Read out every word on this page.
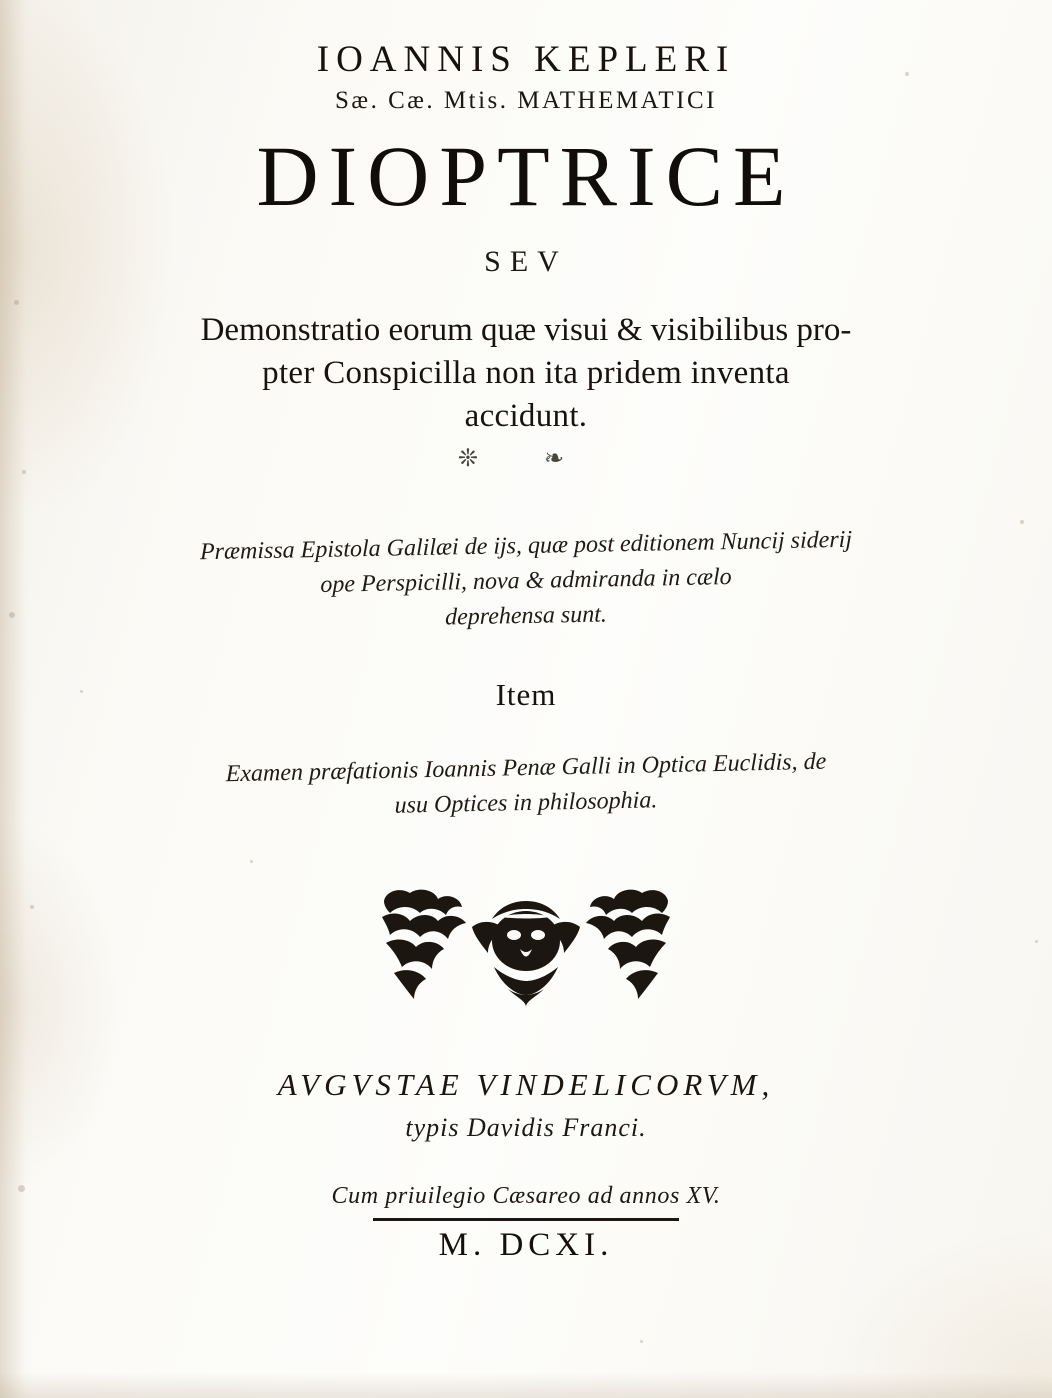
IOANNIS KEPLERI
Sæ. Cæ. Mtis. MATHEMATICI
DIOPTRICE
SEV
Demonstratio eorum quæ visui & visibilibus pro-
pter Conspicilla non ita pridem inventa
accidunt.
❊ ❧
Præmissa Epistola Galilæi de ijs, quæ post editionem Nuncij siderij
ope Perspicilli, nova & admiranda in cælo
deprehensa sunt.
Item
Examen præfationis Ioannis Penæ Galli in Optica Euclidis, de
usu Optices in philosophia.
AVGVSTAE VINDELICORVM,
typis Davidis Franci.
Cum priuilegio Cæsareo ad annos XV.
M. DCXI.
